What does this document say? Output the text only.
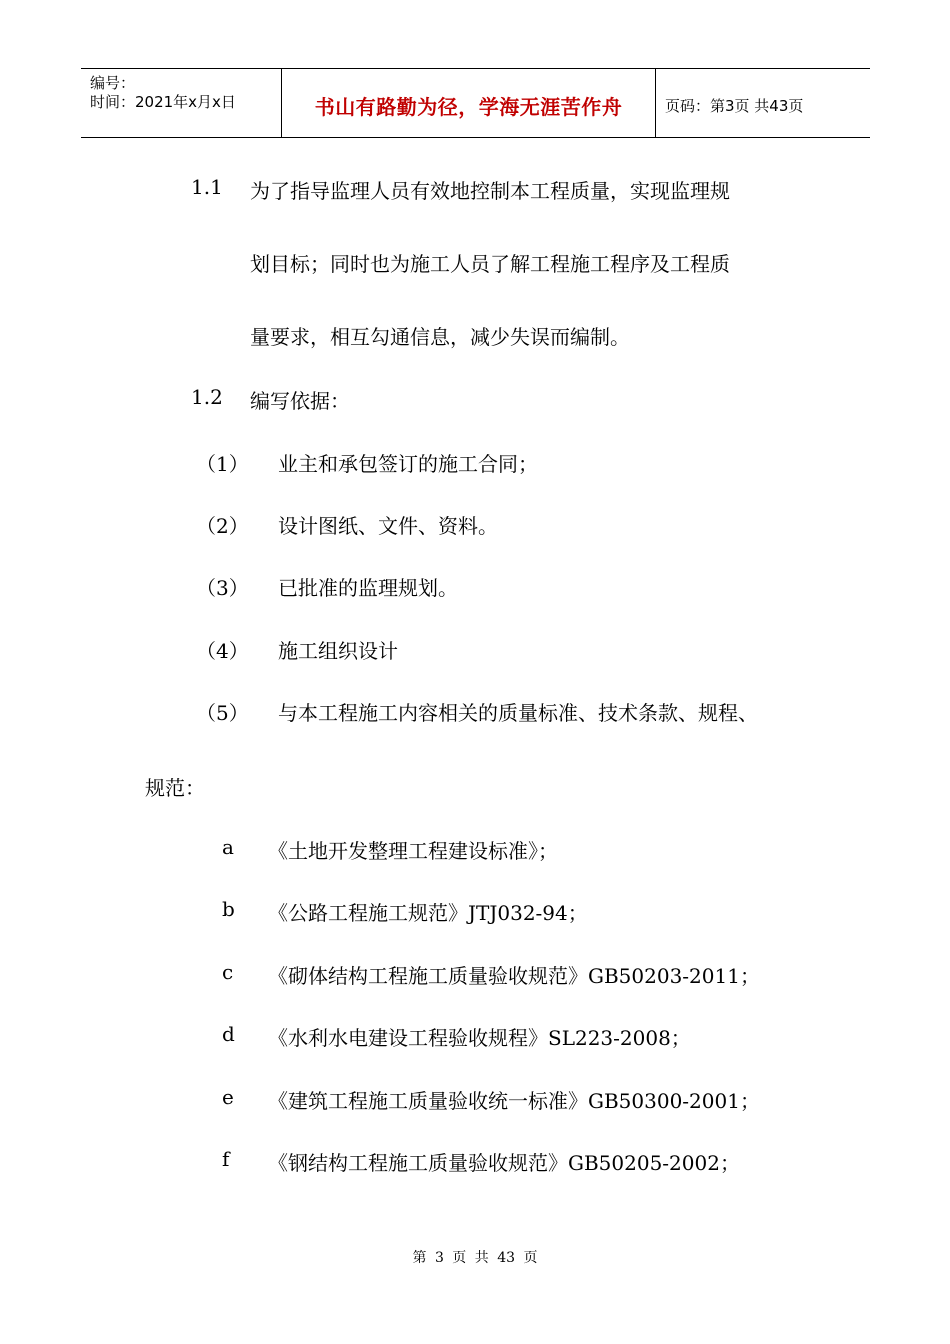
编号：
时间：2021年x月x日	书山有路勤为径，学海无涯苦作舟	页码：第3页 共43页
1.1 为了指导监理人员有效地控制本工程质量，实现监理规
划目标；同时也为施工人员了解工程施工程序及工程质
量要求，相互勾通信息，减少失误而编制。
1.2 编写依据：
（1） 业主和承包签订的施工合同；
（2） 设计图纸、文件、资料。
（3） 已批准的监理规划。
（4） 施工组织设计
（5） 与本工程施工内容相关的质量标准、技术条款、规程、
规范：
a 《土地开发整理工程建设标准》；
b 《公路工程施工规范》JTJ032-94；
c 《砌体结构工程施工质量验收规范》GB50203-2011；
d 《水利水电建设工程验收规程》SL223-2008；
e 《建筑工程施工质量验收统一标准》GB50300-2001；
f 《钢结构工程施工质量验收规范》GB50205-2002；
第 3 页 共 43 页
